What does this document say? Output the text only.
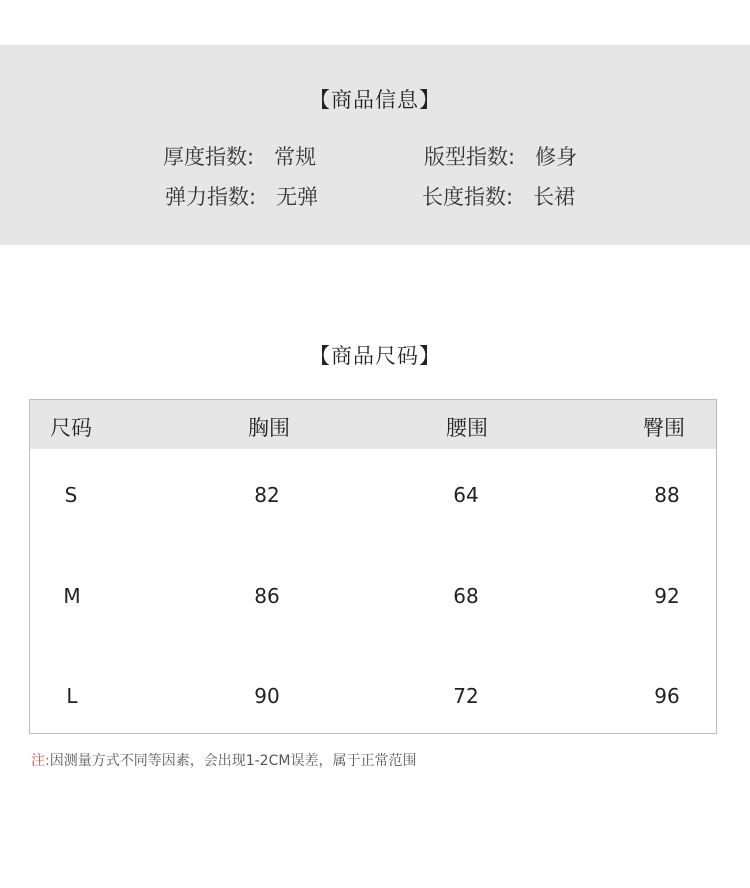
【商品信息】
厚度指数: 常规	版型指数: 修身
弹力指数: 无弹	长度指数: 长裙
【商品尺码】
尺码	胸围	腰围	臀围
S	82	64	88
M	86	68	92
L	90	72	96
注:因测量方式不同等因素，会出现1-2CM误差，属于正常范围
